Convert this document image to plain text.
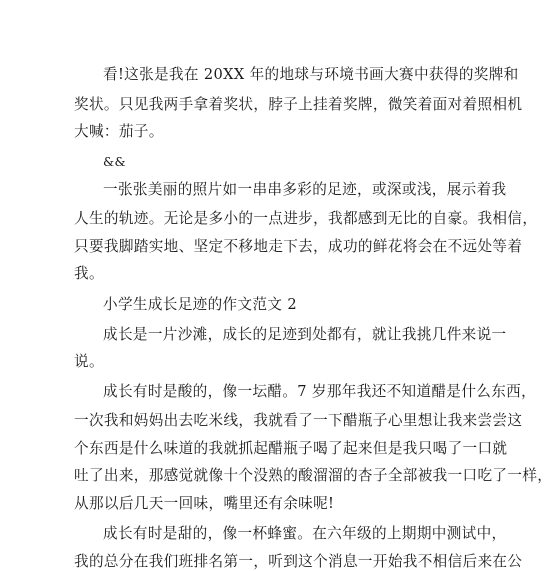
看!这张是我在 20XX 年的地球与环境书画大赛中获得的奖牌和
奖状。只见我两手拿着奖状，脖子上挂着奖牌，微笑着面对着照相机
大喊：茄子。
&&
一张张美丽的照片如一串串多彩的足迹，或深或浅，展示着我
人生的轨迹。无论是多小的一点进步，我都感到无比的自豪。我相信，
只要我脚踏实地、坚定不移地走下去，成功的鲜花将会在不远处等着
我。
小学生成长足迹的作文范文 2
成长是一片沙滩，成长的足迹到处都有，就让我挑几件来说一
说。
成长有时是酸的，像一坛醋。7 岁那年我还不知道醋是什么东西，
一次我和妈妈出去吃米线，我就看了一下醋瓶子心里想让我来尝尝这
个东西是什么味道的我就抓起醋瓶子喝了起来但是我只喝了一口就
吐了出来，那感觉就像十个没熟的酸溜溜的杏子全部被我一口吃了一样，
从那以后几天一回味，嘴里还有余味呢!
成长有时是甜的，像一杯蜂蜜。在六年级的上期期中测试中，
我的总分在我们班排名第一，听到这个消息一开始我不相信后来在公
